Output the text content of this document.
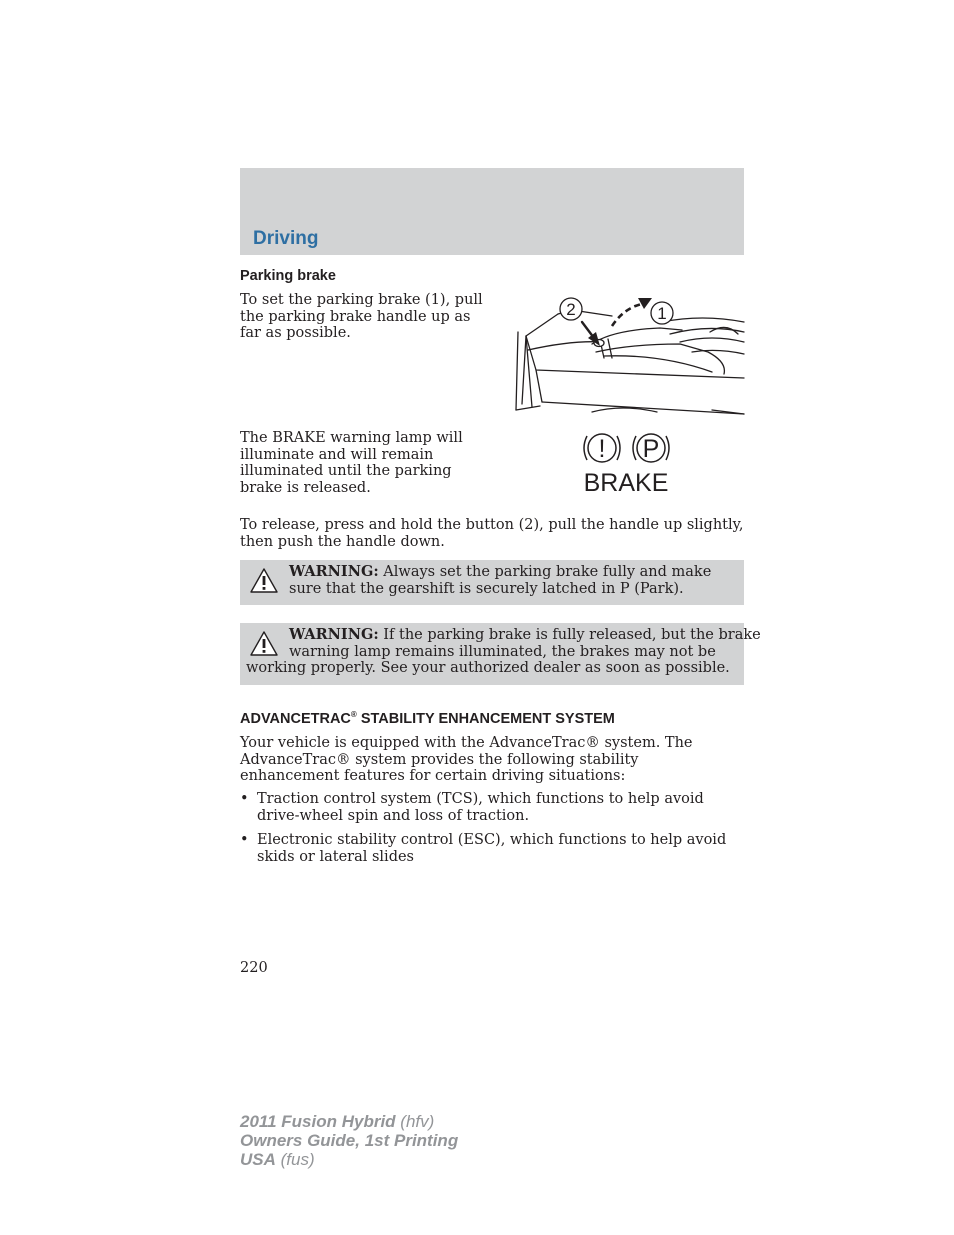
Driving
Parking brake
To set the parking brake (1), pull the parking brake handle up as far as possible.
2	1
The BRAKE warning lamp will illuminate and will remain illuminated until the parking brake is released.
! P
BRAKE
To release, press and hold the button (2), pull the handle up slightly, then push the handle down.
WARNING: Always set the parking brake fully and make sure that the gearshift is securely latched in P (Park).
WARNING: If the parking brake is fully released, but the brake
warning lamp remains illuminated, the brakes may not be
working properly. See your authorized dealer as soon as possible.
ADVANCETRAC® STABILITY ENHANCEMENT SYSTEM
Your vehicle is equipped with the AdvanceTrac® system. The AdvanceTrac® system provides the following stability enhancement features for certain driving situations:
• Traction control system (TCS), which functions to help avoid drive-wheel spin and loss of traction.
• Electronic stability control (ESC), which functions to help avoid skids or lateral slides
220
2011 Fusion Hybrid (hfv)
Owners Guide, 1st Printing
USA (fus)
